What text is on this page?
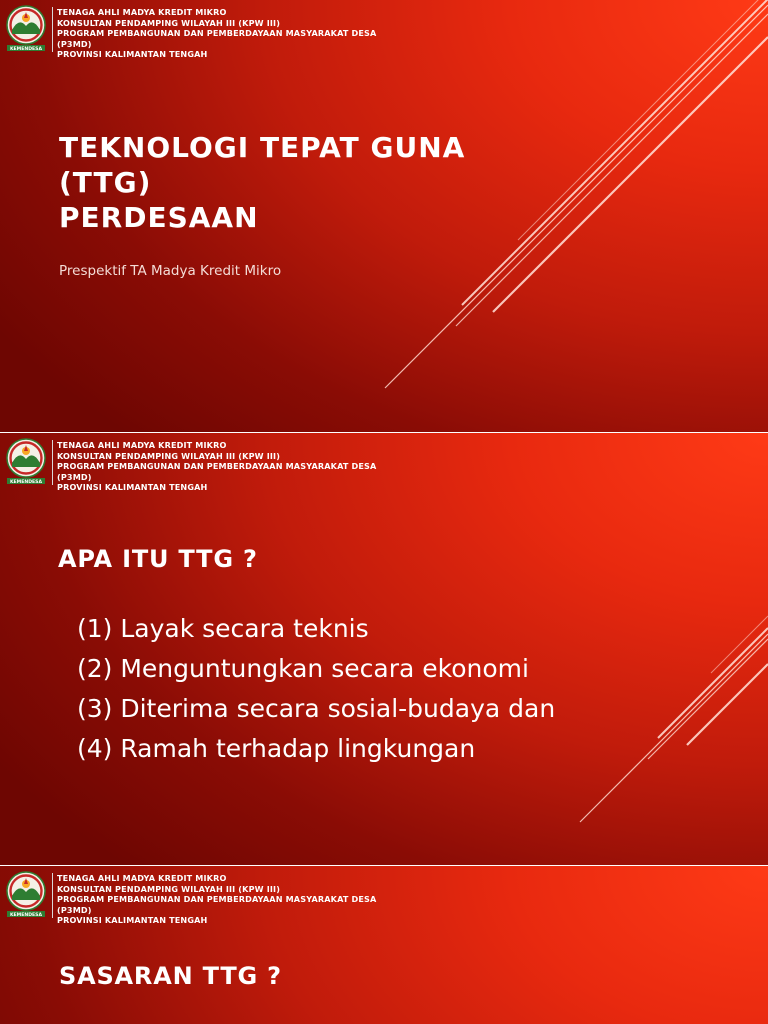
KEMENDESA
TENAGA AHLI MADYA KREDIT MIKRO
KONSULTAN PENDAMPING WILAYAH III (KPW III)
PROGRAM PEMBANGUNAN DAN PEMBERDAYAAN MASYARAKAT DESA
(P3MD)
PROVINSI KALIMANTAN TENGAH
TEKNOLOGI TEPAT GUNA
(TTG)
PERDESAAN
Prespektif TA Madya Kredit Mikro
KEMENDESA
TENAGA AHLI MADYA KREDIT MIKRO
KONSULTAN PENDAMPING WILAYAH III (KPW III)
PROGRAM PEMBANGUNAN DAN PEMBERDAYAAN MASYARAKAT DESA
(P3MD)
PROVINSI KALIMANTAN TENGAH
APA ITU TTG ?
(1) Layak secara teknis
(2) Menguntungkan secara ekonomi
(3) Diterima secara sosial-budaya dan
(4) Ramah terhadap lingkungan
KEMENDESA
TENAGA AHLI MADYA KREDIT MIKRO
KONSULTAN PENDAMPING WILAYAH III (KPW III)
PROGRAM PEMBANGUNAN DAN PEMBERDAYAAN MASYARAKAT DESA
(P3MD)
PROVINSI KALIMANTAN TENGAH
SASARAN TTG ?
